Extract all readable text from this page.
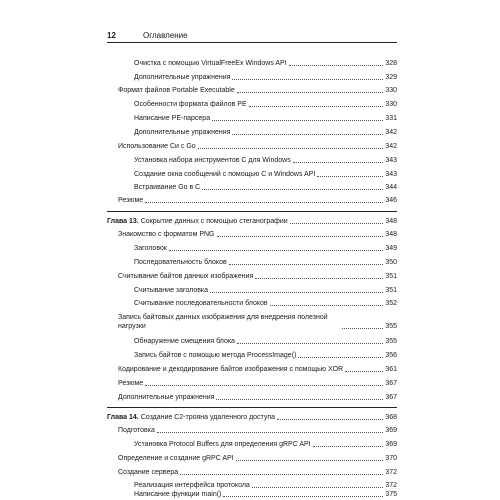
12	Оглавление
Очистка с помощью VirtualFreeEx Windows API	328
Дополнительные упражнения	329
Формат файлов Portable Executable	330
Особенности формата файлов PE	330
Написание PE-парсера	331
Дополнительные упражнения	342
Использование Си с Go	342
Установка набора инструментов C для Windows	343
Создание окна сообщений с помощью C и Windows API	343
Встраивание Go в C	344
Резюме	346
Глава 13. Сокрытие данных с помощью стеганографии	348
Знакомство с форматом PNG	348
Заголовок	349
Последовательность блоков	350
Считывание байтов данных изображения	351
Считывание заголовка	351
Считывание последовательности блоков	352
Запись байтовых данных изображения для внедрения полезной нагрузки	355
Обнаружение смещения блока	355
Запись байтов с помощью метода ProcessImage()	356
Кодирование и декодирование байтов изображения с помощью XOR	361
Резюме	367
Дополнительные упражнения	367
Глава 14. Создание C2-трояна удаленного доступа	368
Подготовка	369
Установка Protocol Buffers для определения gRPC API	369
Определение и создание gRPC API	370
Создание сервера	372
Реализация интерфейса протокола	372
Написание функции main()	375
